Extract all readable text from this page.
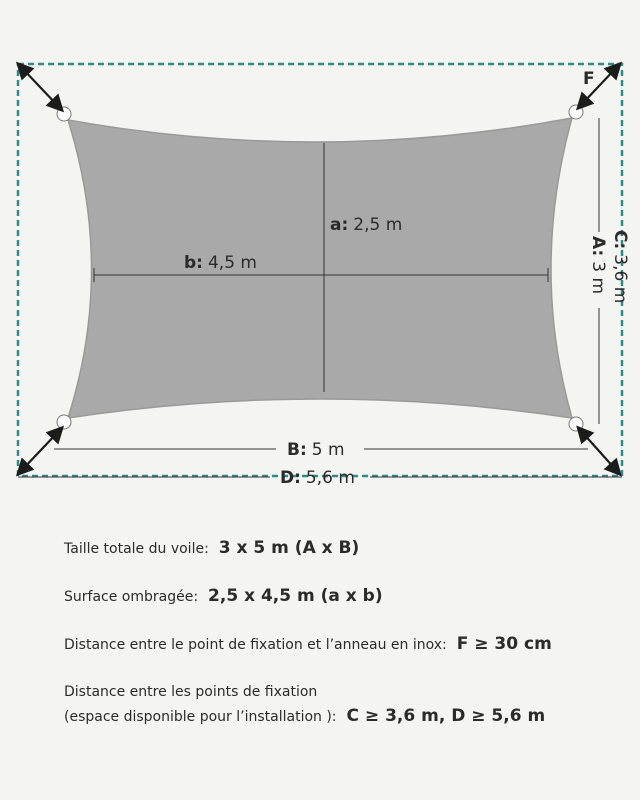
a: 2,5 m
b: 4,5 m
B: 5 m
D: 5,6 m
A:3 m
C:3,6 m
F
Taille totale du voile: 3 x 5 m (A x B)
Surface ombragée: 2,5 x 4,5 m (a x b)
Distance entre le point de fixation et l’anneau en inox: F ≥ 30 cm
Distance entre les points de fixation
(espace disponible pour l’installation ): C ≥ 3,6 m, D ≥ 5,6 m
